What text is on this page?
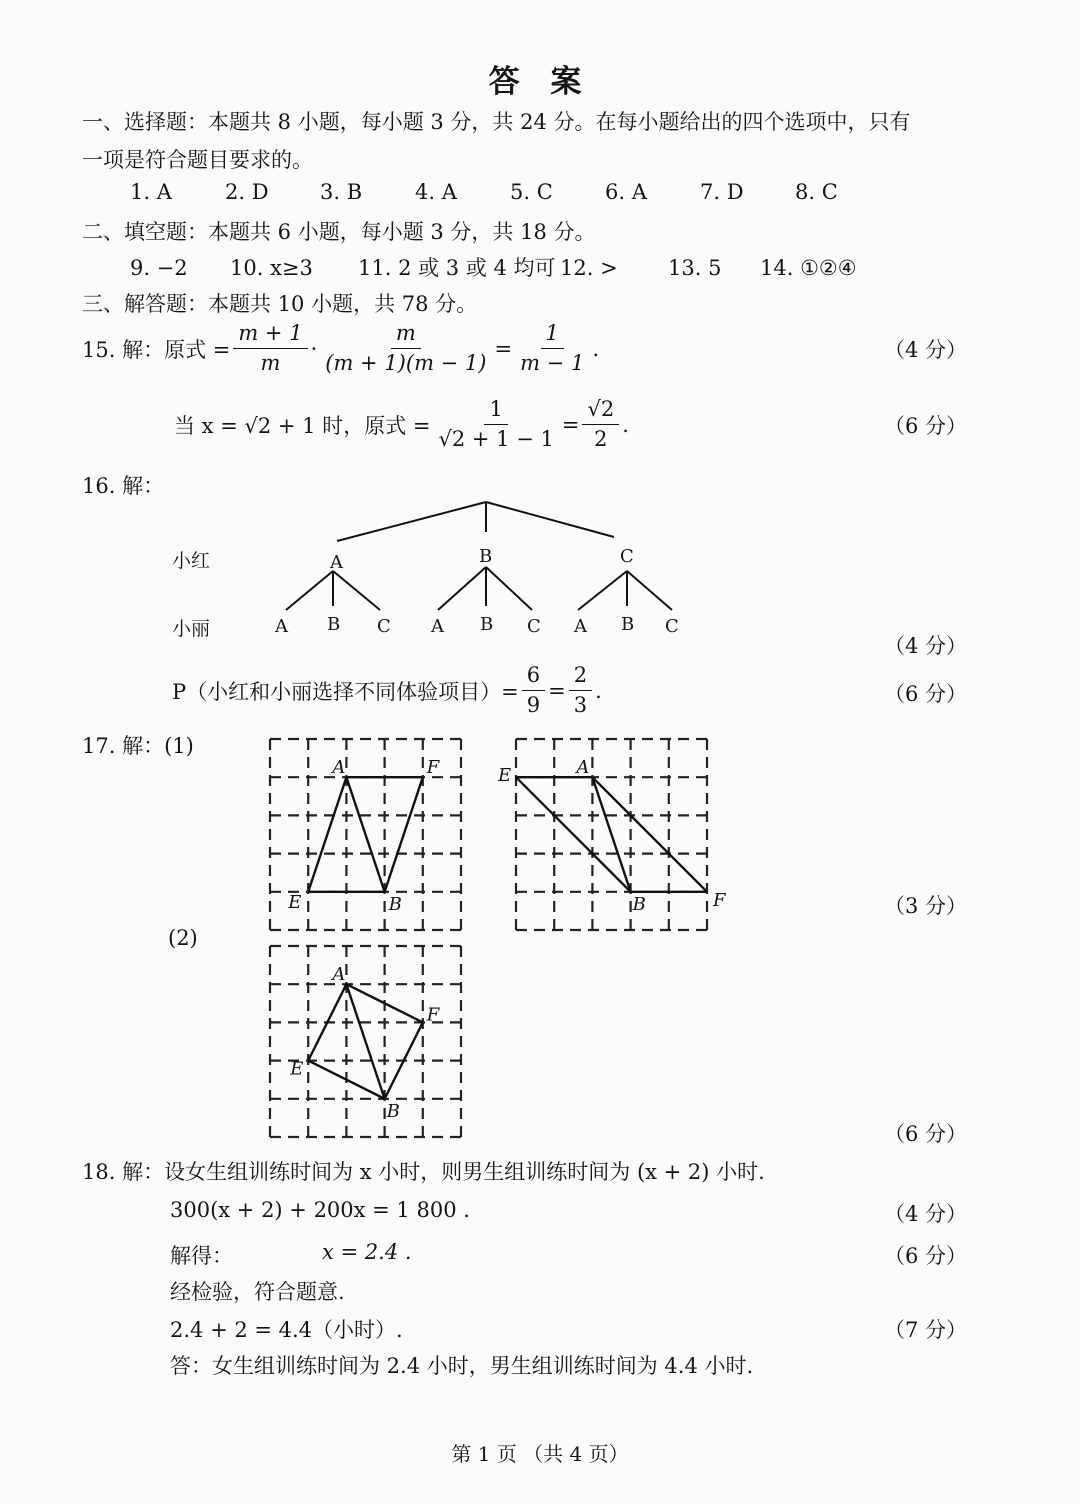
答 案
一、选择题：本题共 8 小题，每小题 3 分，共 24 分。在每小题给出的四个选项中，只有
一项是符合题目要求的。
1. A	2. D 3. B	4. A	5. C 6. A	7. D 8. C
二、填空题：本题共 6 小题，每小题 3 分，共 18 分。
9. −2 10. x≥3 11. 2 或 3 或 4 均可 12. > 13. 5 14. ①②④
三、解答题：本题共 10 小题，共 78 分。
15. 解：原式 = $\frac{m + 1}{m} \cdot \frac{m}{(m + 1)(m - 1)} = \frac{1}{m - 1}$ .	（4 分）
当 x = √2 + 1 时，原式 = $\frac{1}{√2 + 1 - 1} = \frac{√2}{2}$ .	（6 分）
16. 解：
小红
小丽
A	B	C
A B C A B C A B C
A	F
E	B
E	A
B	F
A
F
E
B
（4 分）
P（小红和小丽选择不同体验项目）= $\frac{6}{9} = \frac{2}{3}$ .	（6 分）
17. 解：(1)
(2)
（3 分）
（6 分）
18. 解：设女生组训练时间为 x 小时，则男生组训练时间为 (x + 2) 小时.
300(x + 2) + 200x = 1 800 .	（4 分）
解得：	x = 2.4 .	（6 分）
经检验，符合题意.
2.4 + 2 = 4.4（小时）.	（7 分）
答：女生组训练时间为 2.4 小时，男生组训练时间为 4.4 小时.
第 1 页 （共 4 页）
